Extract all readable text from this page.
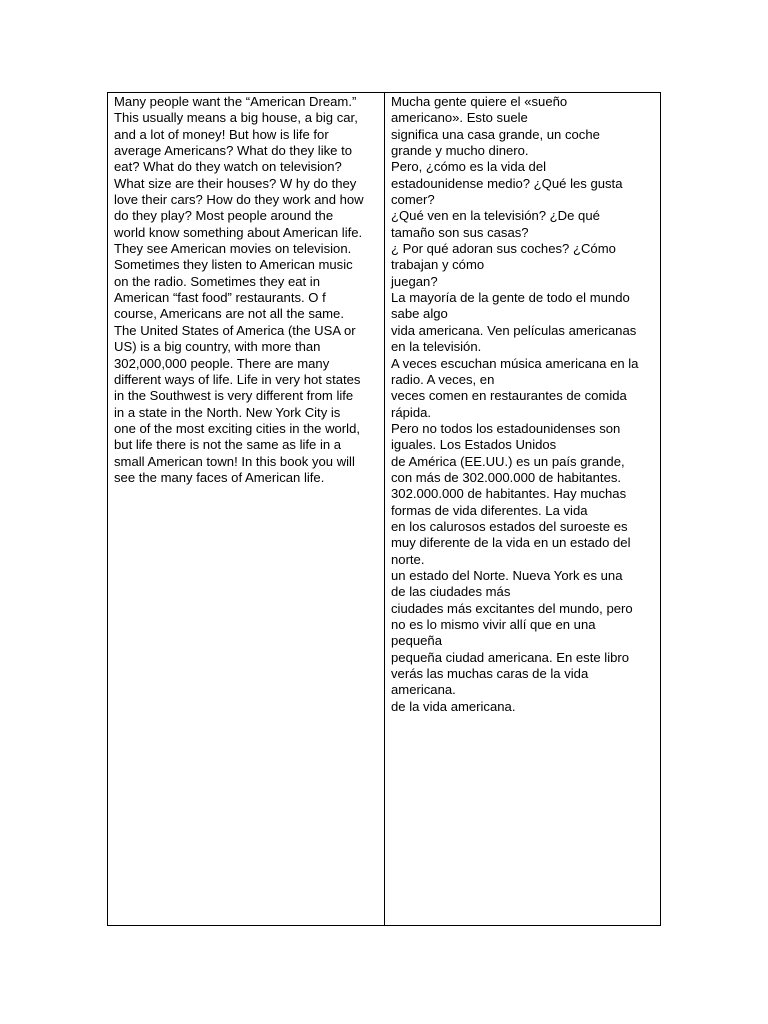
Many people want the “American Dream.”
This usually means a big house, a big car,
and a lot of money! But how is life for
average Americans? What do they like to
eat? What do they watch on television?
What size are their houses? W hy do they
love their cars? How do they work and how
do they play? Most people around the
world know something about American life.
They see American movies on television.
Sometimes they listen to American music
on the radio. Sometimes they eat in
American “fast food” restaurants. O f
course, Americans are not all the same.
The United States of America (the USA or
US) is a big country, with more than
302,000,000 people. There are many
different ways of life. Life in very hot states
in the Southwest is very different from life
in a state in the North. New York City is
one of the most exciting cities in the world,
but life there is not the same as life in a
small American town! In this book you will
see the many faces of American life.
Mucha gente quiere el «sueño
americano». Esto suele
significa una casa grande, un coche
grande y mucho dinero.
Pero, ¿cómo es la vida del
estadounidense medio? ¿Qué les gusta
comer?
¿Qué ven en la televisión? ¿De qué
tamaño son sus casas?
¿ Por qué adoran sus coches? ¿Cómo
trabajan y cómo
juegan?
La mayoría de la gente de todo el mundo
sabe algo
vida americana. Ven películas americanas
en la televisión.
A veces escuchan música americana en la
radio. A veces, en
veces comen en restaurantes de comida
rápida.
Pero no todos los estadounidenses son
iguales. Los Estados Unidos
de América (EE.UU.) es un país grande,
con más de 302.000.000 de habitantes.
302.000.000 de habitantes. Hay muchas
formas de vida diferentes. La vida
en los calurosos estados del suroeste es
muy diferente de la vida en un estado del
norte.
un estado del Norte. Nueva York es una
de las ciudades más
ciudades más excitantes del mundo, pero
no es lo mismo vivir allí que en una
pequeña
pequeña ciudad americana. En este libro
verás las muchas caras de la vida
americana.
de la vida americana.
